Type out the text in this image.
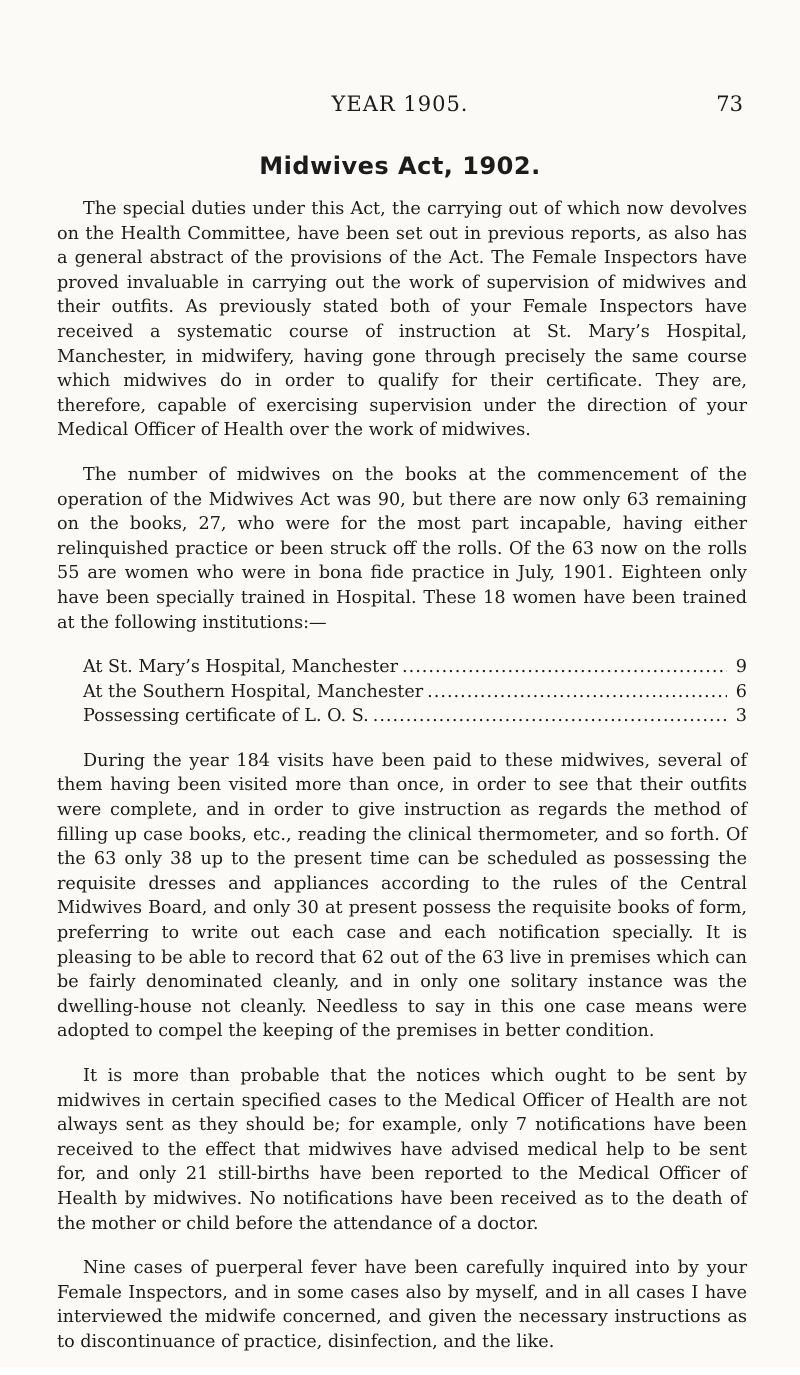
YEAR 1905.	73
Midwives Act, 1902.

The special duties under this Act, the carrying out of which now devolves on the Health Committee, have been set out in previous reports, as also has a general abstract of the provisions of the Act. The Female Inspectors have proved invaluable in carrying out the work of supervision of midwives and their outfits. As previously stated both of your Female Inspectors have received a systematic course of instruction at St. Mary’s Hospital, Manchester, in midwifery, having gone through precisely the same course which midwives do in order to qualify for their certificate. They are, therefore, capable of exercising supervision under the direction of your Medical Officer of Health over the work of midwives.

The number of midwives on the books at the commencement of the operation of the Midwives Act was 90, but there are now only 63 remaining on the books, 27, who were for the most part incapable, having either relinquished practice or been struck off the rolls. Of the 63 now on the rolls 55 are women who were in bona fide practice in July, 1901. Eighteen only have been specially trained in Hospital. These 18 women have been trained at the following institutions:—

At St. Mary’s Hospital, Manchester .....	9
At the Southern Hospital, Manchester .....	6
Possessing certificate of L. O. S. .....	3

During the year 184 visits have been paid to these midwives, several of them having been visited more than once, in order to see that their outfits were complete, and in order to give instruction as regards the method of filling up case books, etc., reading the clinical thermometer, and so forth. Of the 63 only 38 up to the present time can be scheduled as possessing the requisite dresses and appliances according to the rules of the Central Midwives Board, and only 30 at present possess the requisite books of form, preferring to write out each case and each notification specially. It is pleasing to be able to record that 62 out of the 63 live in premises which can be fairly denominated cleanly, and in only one solitary instance was the dwelling-house not cleanly. Needless to say in this one case means were adopted to compel the keeping of the premises in better condition.

It is more than probable that the notices which ought to be sent by midwives in certain specified cases to the Medical Officer of Health are not always sent as they should be; for example, only 7 notifications have been received to the effect that midwives have advised medical help to be sent for, and only 21 still-births have been reported to the Medical Officer of Health by midwives. No notifications have been received as to the death of the mother or child before the attendance of a doctor.

Nine cases of puerperal fever have been carefully inquired into by your Female Inspectors, and in some cases also by myself, and in all cases I have interviewed the midwife concerned, and given the necessary instructions as to discontinuance of practice, disinfection, and the like.
